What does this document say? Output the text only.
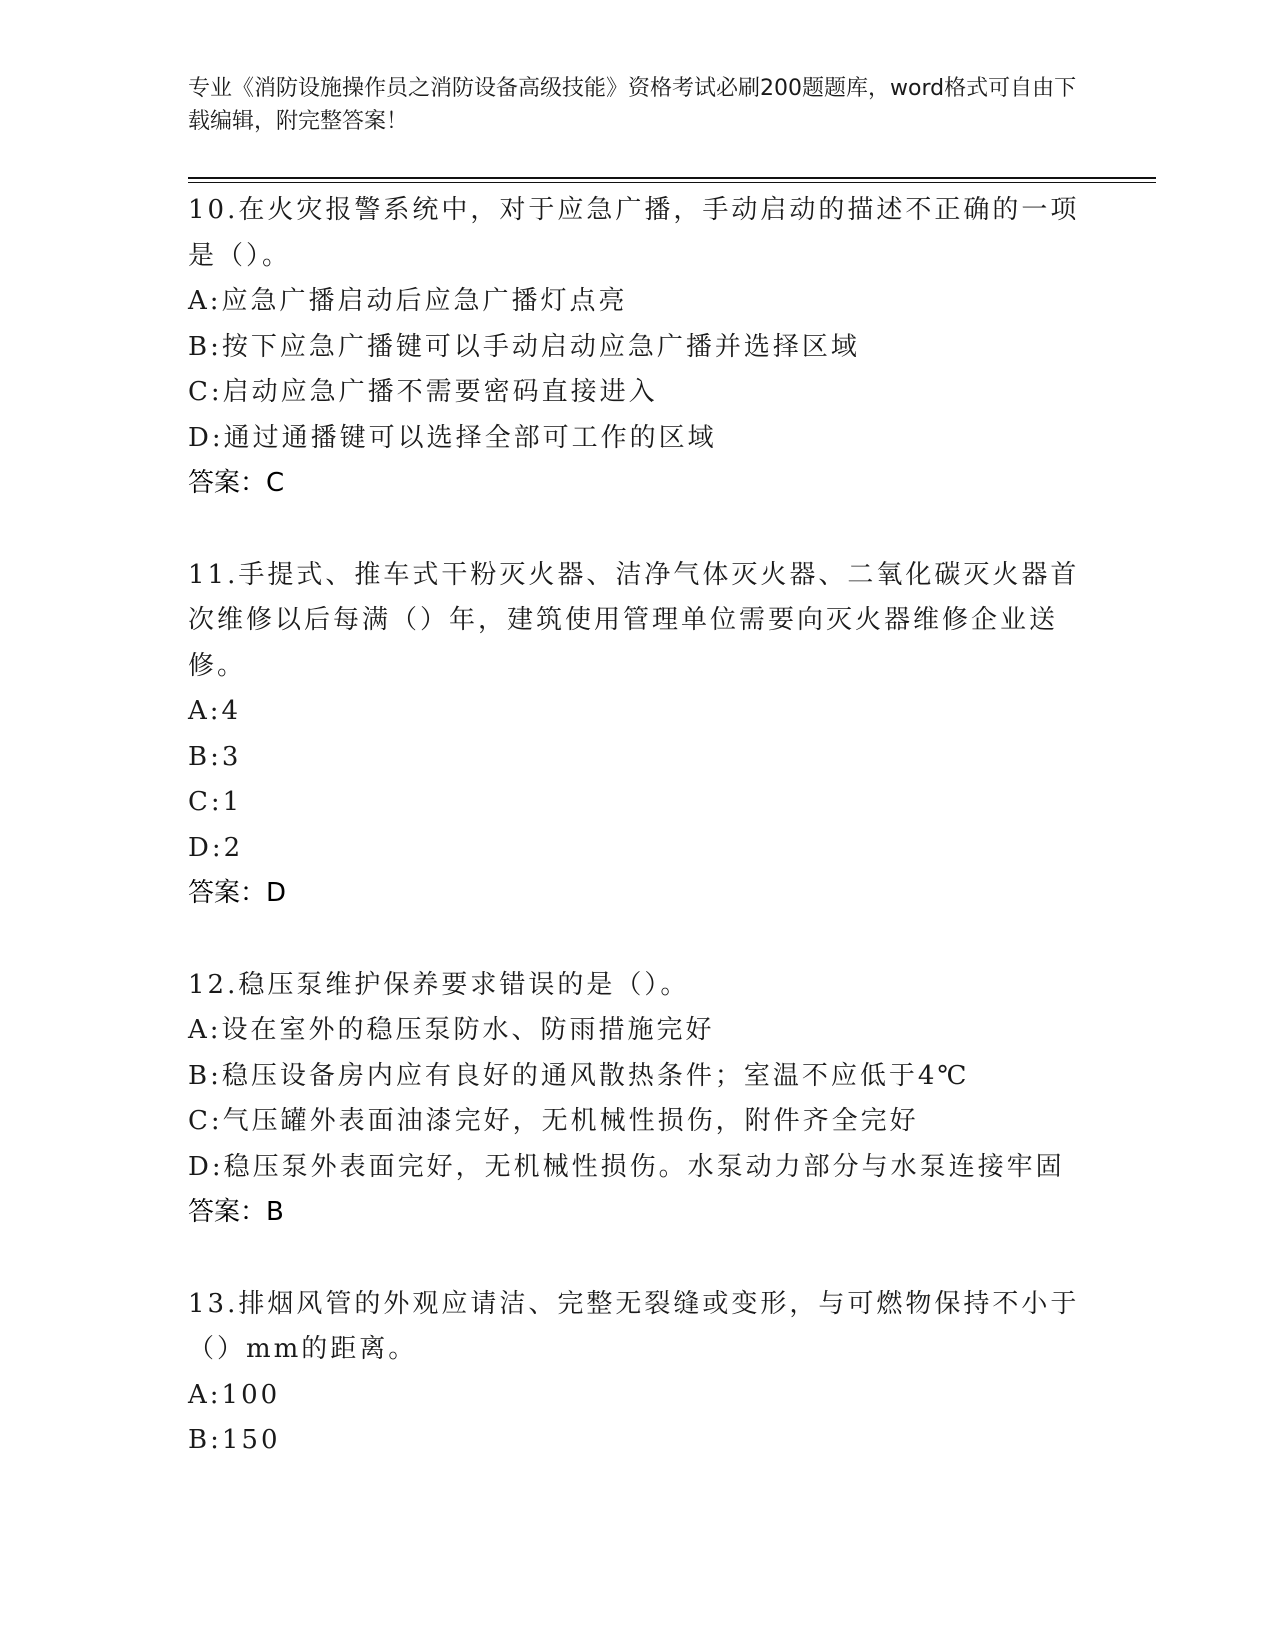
专业《消防设施操作员之消防设备高级技能》资格考试必刷200题题库，word格式可自由下载编辑，附完整答案！

10.在火灾报警系统中，对于应急广播，手动启动的描述不正确的一项是（）。

A:应急广播启动后应急广播灯点亮

B:按下应急广播键可以手动启动应急广播并选择区域

C:启动应急广播不需要密码直接进入

D:通过通播键可以选择全部可工作的区域

答案：C

11.手提式、推车式干粉灭火器、洁净气体灭火器、二氧化碳灭火器首次维修以后每满（）年，建筑使用管理单位需要向灭火器维修企业送修。

A:4

B:3

C:1

D:2

答案：D

12.稳压泵维护保养要求错误的是（）。

A:设在室外的稳压泵防水、防雨措施完好

B:稳压设备房内应有良好的通风散热条件；室温不应低于4℃

C:气压罐外表面油漆完好，无机械性损伤，附件齐全完好

D:稳压泵外表面完好，无机械性损伤。水泵动力部分与水泵连接牢固

答案：B

13.排烟风管的外观应请洁、完整无裂缝或变形，与可燃物保持不小于（）mm的距离。

A:100

B:150
